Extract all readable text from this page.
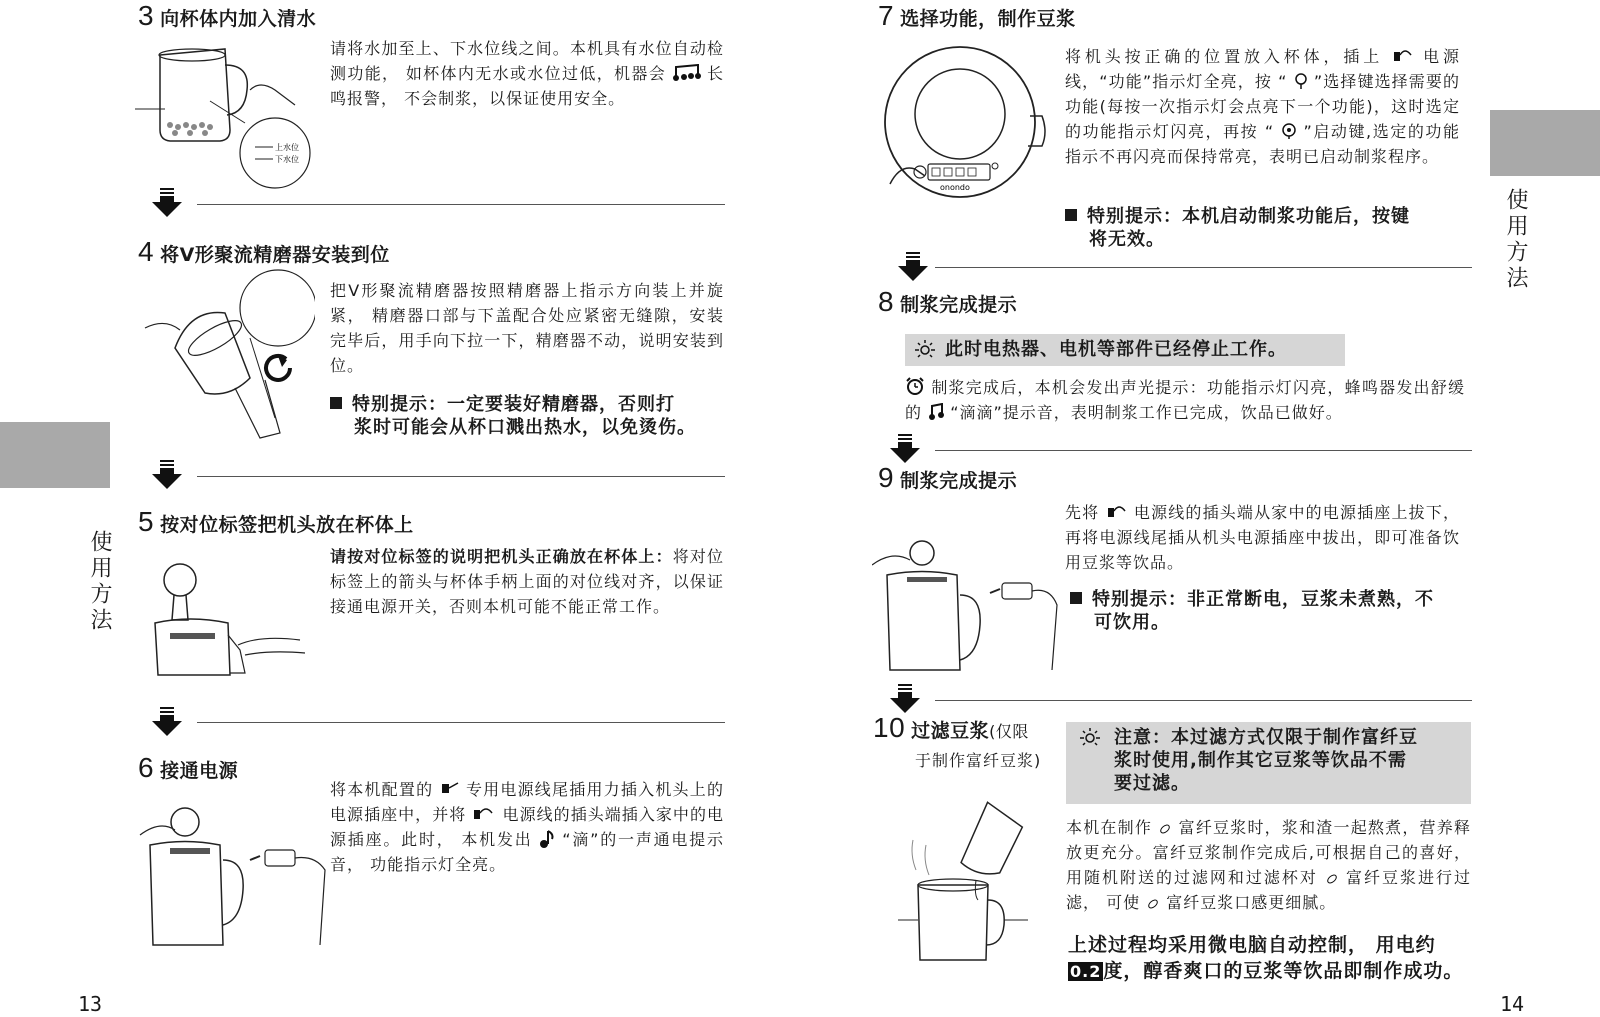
使用方法
3 向杯体内加入清水
上水位
下水位
请将水加至上、下水位线之间。本机具有水位自动检测功能， 如杯体内无水或水位过低，机器会	长鸣报警， 不会制浆，以保证使用安全。
4 将V形聚流精磨器安装到位
把V形聚流精磨器按照精磨器上指示方向装上并旋紧， 精磨器口部与下盖配合处应紧密无缝隙，安装完毕后，用手向下拉一下，精磨器不动，说明安装到位。
特别提示：一定要装好精磨器，否则打
浆时可能会从杯口溅出热水，以免烫伤。
5 按对位标签把机头放在杯体上
请按对位标签的说明把机头正确放在杯体上：将对位标签上的箭头与杯体手柄上面的对位线对齐，以保证接通电源开关，否则本机可能不能正常工作。
6 接通电源
将本机配置的 专用电源线尾插用力插入机头上的电源插座中，并将 电源线的插头端插入家中的电源插座。此时， 本机发出 “滴”的一声通电提示音， 功能指示灯全亮。
13
使用方法
7 选择功能，制作豆浆
onondo
将机头按正确的位置放入杯体，插上 电源线，“功能”指示灯全亮，按 “ ”选择键选择需要的功能(每按一次指示灯会点亮下一个功能)，这时选定的功能指示灯闪亮，再按 “ ”启动键,选定的功能指示不再闪亮而保持常亮，表明已启动制浆程序。
特别提示：本机启动制浆功能后，按键
将无效。
8 制浆完成提示
此时电热器、电机等部件已经停止工作。
制浆完成后，本机会发出声光提示：功能指示灯闪亮，蜂鸣器发出舒缓的 “滴滴”提示音，表明制浆工作已完成，饮品已做好。
9 制浆完成提示
先将 电源线的插头端从家中的电源插座上拔下，再将电源线尾插从机头电源插座中拔出，即可准备饮用豆浆等饮品。
特别提示：非正常断电，豆浆未煮熟，不
可饮用。
10 过滤豆浆(仅限
于制作富纤豆浆)
注意：本过滤方式仅限于制作富纤豆
浆时使用,制作其它豆浆等饮品不需
要过滤。
本机在制作 富纤豆浆时，浆和渣一起熬煮，营养释放更充分。富纤豆浆制作完成后,可根据自己的喜好， 用随机附送的过滤网和过滤杯对 富纤豆浆进行过滤， 可使 富纤豆浆口感更细腻。
上述过程均采用微电脑自动控制， 用电约
0.2 度，醇香爽口的豆浆等饮品即制作成功。
14
